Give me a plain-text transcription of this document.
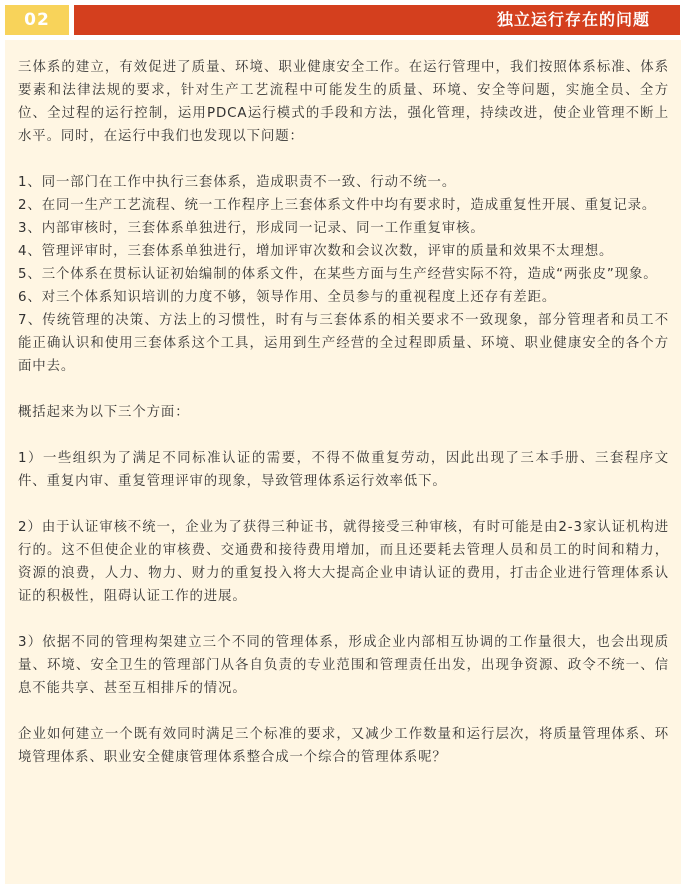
02	独立运行存在的问题

三体系的建立，有效促进了质量、环境、职业健康安全工作。在运行管理中，我们按照体系标准、体系要素和法律法规的要求，针对生产工艺流程中可能发生的质量、环境、安全等问题，实施全员、全方位、全过程的运行控制，运用PDCA运行模式的手段和方法，强化管理，持续改进，使企业管理不断上水平。同时，在运行中我们也发现以下问题：

1、同一部门在工作中执行三套体系，造成职责不一致、行动不统一。

2、在同一生产工艺流程、统一工作程序上三套体系文件中均有要求时，造成重复性开展、重复记录。

3、内部审核时，三套体系单独进行，形成同一记录、同一工作重复审核。

4、管理评审时，三套体系单独进行，增加评审次数和会议次数，评审的质量和效果不太理想。

5、三个体系在贯标认证初始编制的体系文件，在某些方面与生产经营实际不符，造成“两张皮”现象。

6、对三个体系知识培训的力度不够，领导作用、全员参与的重视程度上还存有差距。

7、传统管理的决策、方法上的习惯性，时有与三套体系的相关要求不一致现象，部分管理者和员工不能正确认识和使用三套体系这个工具，运用到生产经营的全过程即质量、环境、职业健康安全的各个方面中去。

概括起来为以下三个方面：

1）一些组织为了满足不同标准认证的需要，不得不做重复劳动，因此出现了三本手册、三套程序文件、重复内审、重复管理评审的现象，导致管理体系运行效率低下。

2）由于认证审核不统一，企业为了获得三种证书，就得接受三种审核，有时可能是由2-3家认证机构进行的。这不但使企业的审核费、交通费和接待费用增加，而且还要耗去管理人员和员工的时间和精力，资源的浪费，人力、物力、财力的重复投入将大大提高企业申请认证的费用，打击企业进行管理体系认证的积极性，阻碍认证工作的进展。

3）依据不同的管理构架建立三个不同的管理体系，形成企业内部相互协调的工作量很大，也会出现质量、环境、安全卫生的管理部门从各自负责的专业范围和管理责任出发，出现争资源、政令不统一、信息不能共享、甚至互相排斥的情况。

企业如何建立一个既有效同时满足三个标准的要求，又减少工作数量和运行层次，将质量管理体系、环境管理体系、职业安全健康管理体系整合成一个综合的管理体系呢？
